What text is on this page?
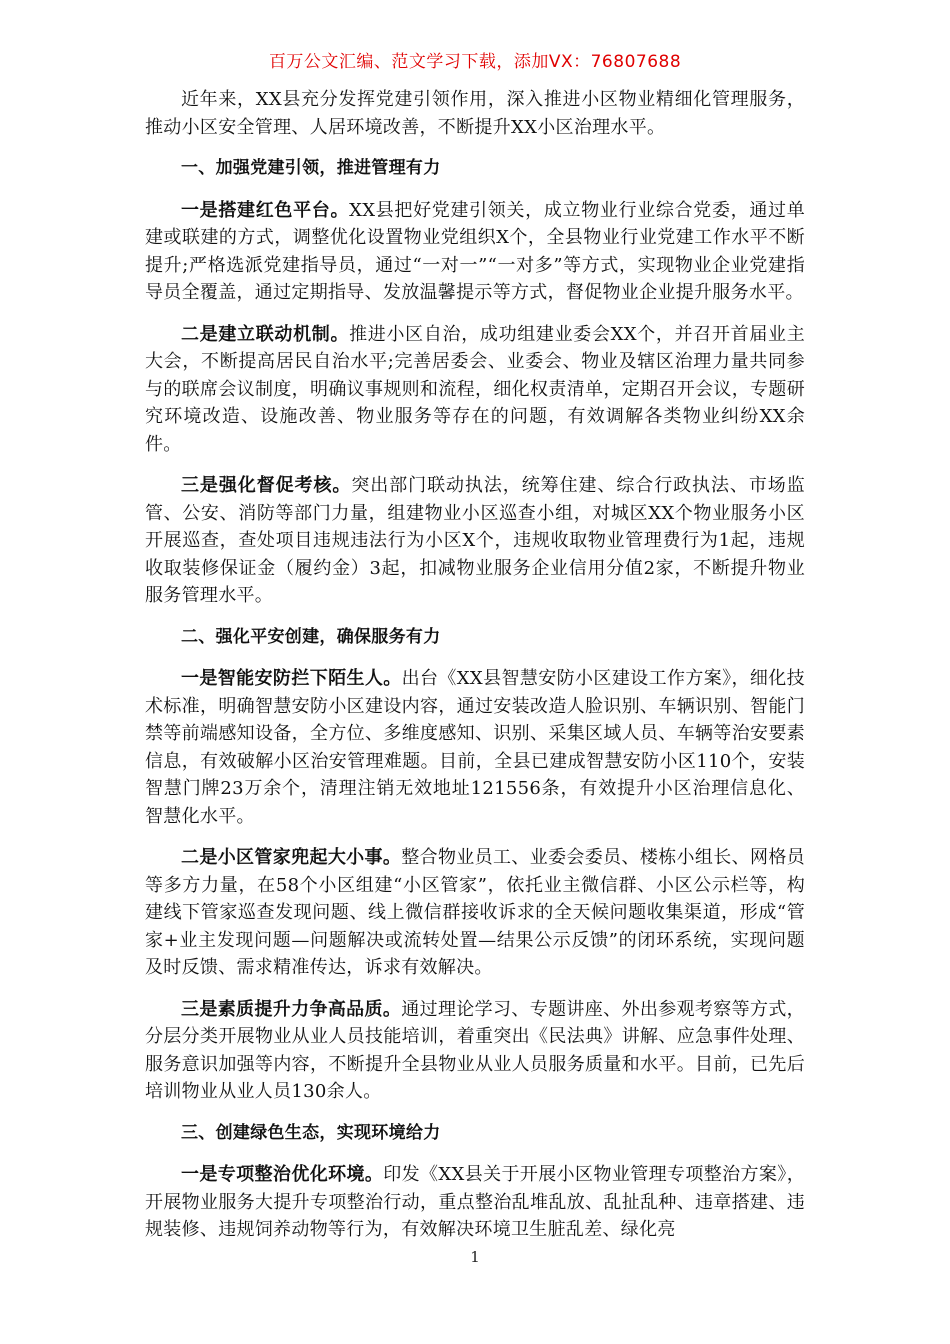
百万公文汇编、范文学习下载，添加VX：76807688

近年来，XX县充分发挥党建引领作用，深入推进小区物业精细化管理服务，推动小区安全管理、人居环境改善，不断提升XX小区治理水平。

一、加强党建引领，推进管理有力

一是搭建红色平台。XX县把好党建引领关，成立物业行业综合党委，通过单建或联建的方式，调整优化设置物业党组织X个，全县物业行业党建工作水平不断提升;严格选派党建指导员，通过“一对一”“一对多”等方式，实现物业企业党建指导员全覆盖，通过定期指导、发放温馨提示等方式，督促物业企业提升服务水平。

二是建立联动机制。推进小区自治，成功组建业委会XX个，并召开首届业主大会，不断提高居民自治水平;完善居委会、业委会、物业及辖区治理力量共同参与的联席会议制度，明确议事规则和流程，细化权责清单，定期召开会议，专题研究环境改造、设施改善、物业服务等存在的问题，有效调解各类物业纠纷XX余件。

三是强化督促考核。突出部门联动执法，统筹住建、综合行政执法、市场监管、公安、消防等部门力量，组建物业小区巡查小组，对城区XX个物业服务小区开展巡查，查处项目违规违法行为小区X个，违规收取物业管理费行为1起，违规收取装修保证金（履约金）3起，扣减物业服务企业信用分值2家，不断提升物业服务管理水平。

二、强化平安创建，确保服务有力

一是智能安防拦下陌生人。出台《XX县智慧安防小区建设工作方案》，细化技术标准，明确智慧安防小区建设内容，通过安装改造人脸识别、车辆识别、智能门禁等前端感知设备，全方位、多维度感知、识别、采集区域人员、车辆等治安要素信息，有效破解小区治安管理难题。目前，全县已建成智慧安防小区110个，安装智慧门牌23万余个，清理注销无效地址121556条，有效提升小区治理信息化、智慧化水平。

二是小区管家兜起大小事。整合物业员工、业委会委员、楼栋小组长、网格员等多方力量，在58个小区组建“小区管家”，依托业主微信群、小区公示栏等，构建线下管家巡查发现问题、线上微信群接收诉求的全天候问题收集渠道，形成“管家+业主发现问题—问题解决或流转处置—结果公示反馈”的闭环系统，实现问题及时反馈、需求精准传达，诉求有效解决。

三是素质提升力争高品质。通过理论学习、专题讲座、外出参观考察等方式，分层分类开展物业从业人员技能培训，着重突出《民法典》讲解、应急事件处理、服务意识加强等内容，不断提升全县物业从业人员服务质量和水平。目前，已先后培训物业从业人员130余人。

三、创建绿色生态，实现环境给力

一是专项整治优化环境。印发《XX县关于开展小区物业管理专项整治方案》，开展物业服务大提升专项整治行动，重点整治乱堆乱放、乱扯乱种、违章搭建、违规装修、违规饲养动物等行为，有效解决环境卫生脏乱差、绿化亮

1
